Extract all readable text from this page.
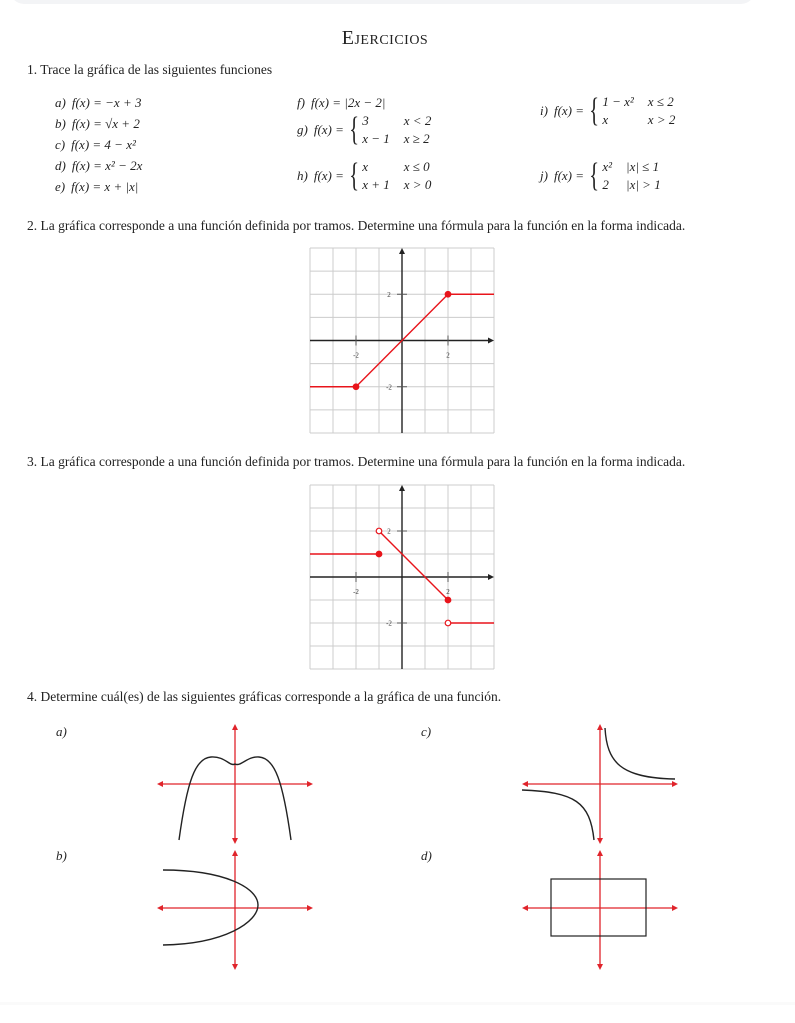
Ejercicios
1. Trace la gráfica de las siguientes funciones
a) f(x) = −x + 3
b) f(x) = √x + 2
c) f(x) = 4 − x²
d) f(x) = x² − 2x
e) f(x) = x + |x|
f) f(x) = |2x − 2|
g) f(x) = { 3	x < 2
x − 1 x ≥ 2
h) f(x) = { x	x ≤ 0
x + 1 x > 0
i) f(x) = { 1 − x² x ≤ 2
x	x > 2
j) f(x) = { x² |x| ≤ 1
2 |x| > 1
2. La gráfica corresponde a una función definida por tramos. Determine una fórmula para la función en la forma indicada.
-2	2
2
-2
3. La gráfica corresponde a una función definida por tramos. Determine una fórmula para la función en la forma indicada.
-2	2
2
-2
4. Determine cuál(es) de las siguientes gráficas corresponde a la gráfica de una función.
a)	c)
b)	d)
